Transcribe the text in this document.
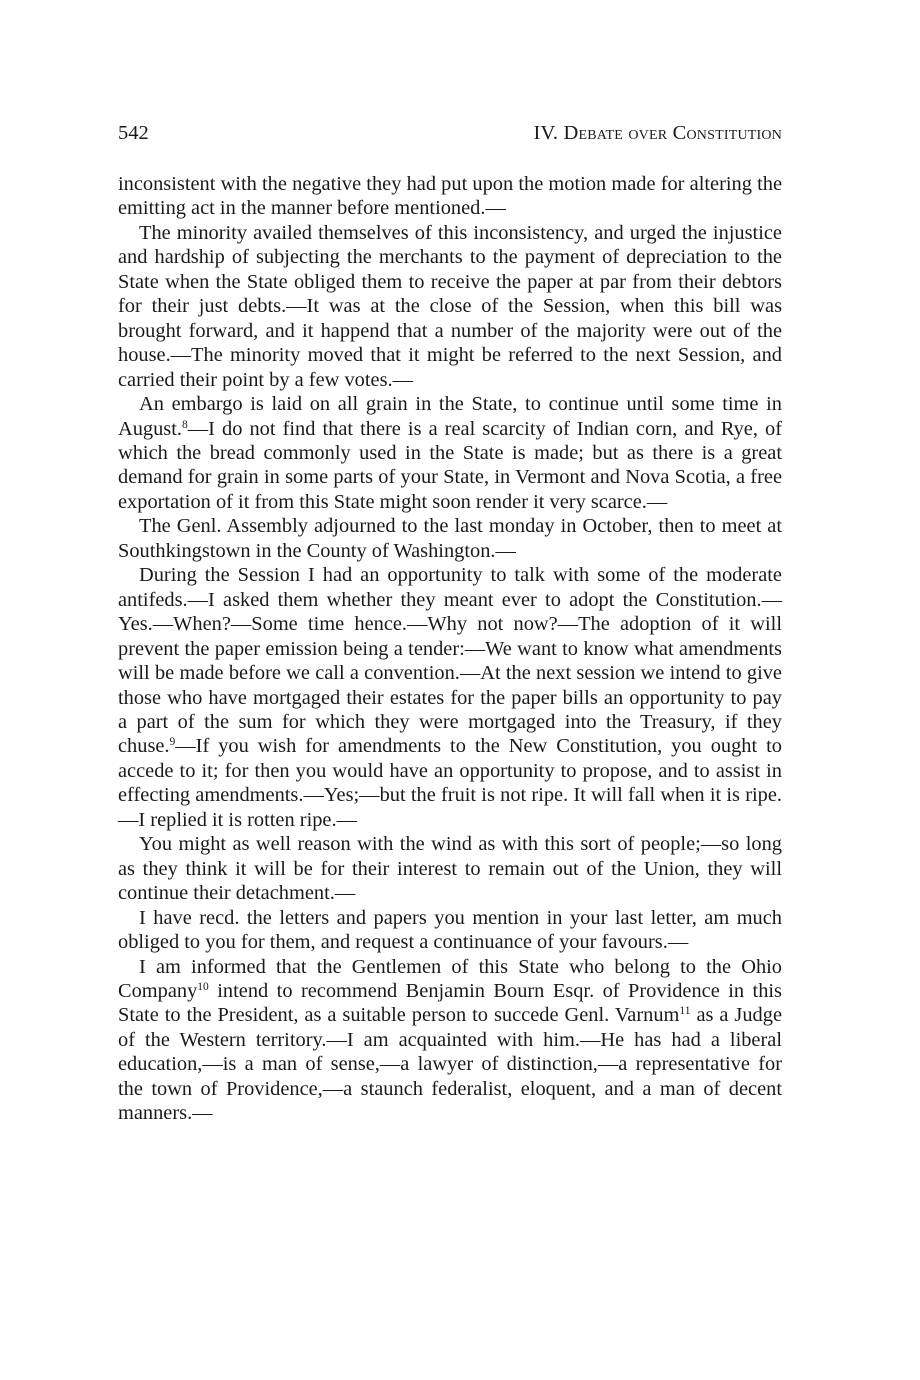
542	IV. Debate over Constitution

inconsistent with the negative they had put upon the motion made for altering the emitting act in the manner before mentioned.—

The minority availed themselves of this inconsistency, and urged the injustice and hardship of subjecting the merchants to the payment of depreciation to the State when the State obliged them to receive the paper at par from their debtors for their just debts.—It was at the close of the Session, when this bill was brought forward, and it happend that a number of the majority were out of the house.—The minority moved that it might be referred to the next Session, and carried their point by a few votes.—

An embargo is laid on all grain in the State, to continue until some time in August.$^8$—I do not find that there is a real scarcity of Indian corn, and Rye, of which the bread commonly used in the State is made; but as there is a great demand for grain in some parts of your State, in Vermont and Nova Scotia, a free exportation of it from this State might soon render it very scarce.—

The Genl. Assembly adjourned to the last monday in October, then to meet at Southkingstown in the County of Washington.—

During the Session I had an opportunity to talk with some of the moderate antifeds.—I asked them whether they meant ever to adopt the Constitution.—Yes.—When?—Some time hence.—Why not now?—The adoption of it will prevent the paper emission being a tender:—We want to know what amendments will be made before we call a convention.—At the next session we intend to give those who have mortgaged their estates for the paper bills an opportunity to pay a part of the sum for which they were mortgaged into the Treasury, if they chuse.$^9$—If you wish for amendments to the New Constitution, you ought to accede to it; for then you would have an opportunity to propose, and to assist in effecting amendments.—Yes;—but the fruit is not ripe. It will fall when it is ripe.—I replied it is rotten ripe.—

You might as well reason with the wind as with this sort of people;—so long as they think it will be for their interest to remain out of the Union, they will continue their detachment.—

I have recd. the letters and papers you mention in your last letter, am much obliged to you for them, and request a continuance of your favours.—

I am informed that the Gentlemen of this State who belong to the Ohio Company$^{10}$ intend to recommend Benjamin Bourn Esqr. of Providence in this State to the President, as a suitable person to succede Genl. Varnum$^{11}$ as a Judge of the Western territory.—I am acquainted with him.—He has had a liberal education,—is a man of sense,—a lawyer of distinction,—a representative for the town of Providence,—a staunch federalist, eloquent, and a man of decent manners.—
